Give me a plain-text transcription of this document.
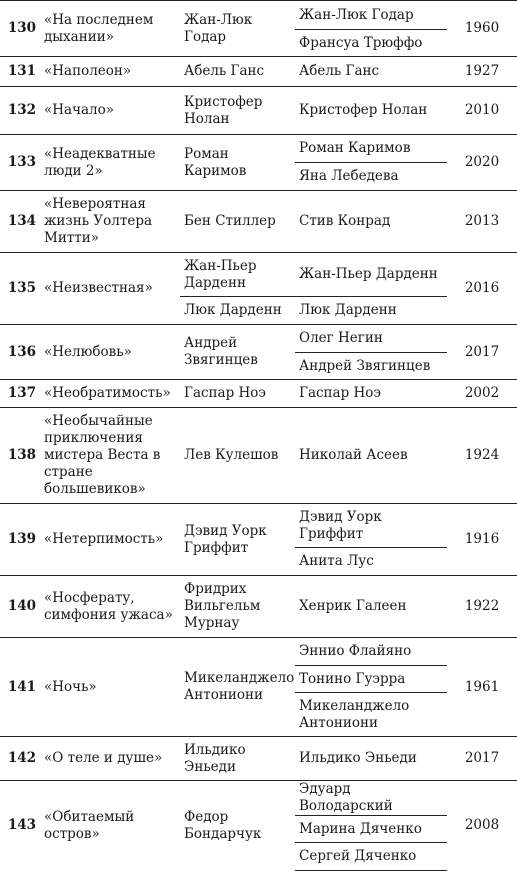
130	«На последнем дыхании»	Жан-Люк Годар	Жан-Люк Годар	1960
			Франсуа Трюффо	
131	«Наполеон»	Абель Ганс	Абель Ганс	1927
132	«Начало»	Кристофер Нолан	Кристофер Нолан	2010
133	«Неадекватные люди 2»	Роман Каримов	Роман Каримов	2020
			Яна Лебедева	
134	«Невероятная жизнь Уолтера Митти»	Бен Стиллер	Стив Конрад	2013
135	«Неизвестная»	Жан-Пьер Дарденн	Жан-Пьер Дарденн	2016
		Люк Дарденн	Люк Дарденн	
136	«Нелюбовь»	Андрей Звягинцев	Олег Негин	2017
			Андрей Звягинцев	
137	«Необратимость»	Гаспар Ноэ	Гаспар Ноэ	2002
138	«Необычайные приключения мистера Веста в стране большевиков»	Лев Кулешов	Николай Асеев	1924
139	«Нетерпимость»	Дэвид Уорк Гриффит	Дэвид Уорк Гриффит	1916
			Анита Лус	
140	«Носферату, симфония ужаса»	Фридрих Вильгельм Мурнау	Хенрик Галеен	1922
141	«Ночь»	Микеланджело Антониони	Эннио Флайяно	1961
			Тонино Гуэрра	
			Микеланджело Антониони	
142	«О теле и душе»	Ильдико Эньеди	Ильдико Эньеди	2017
143	«Обитаемый остров»	Федор Бондарчук	Эдуард Володарский	2008
			Марина Дяченко	
			Сергей Дяченко	
